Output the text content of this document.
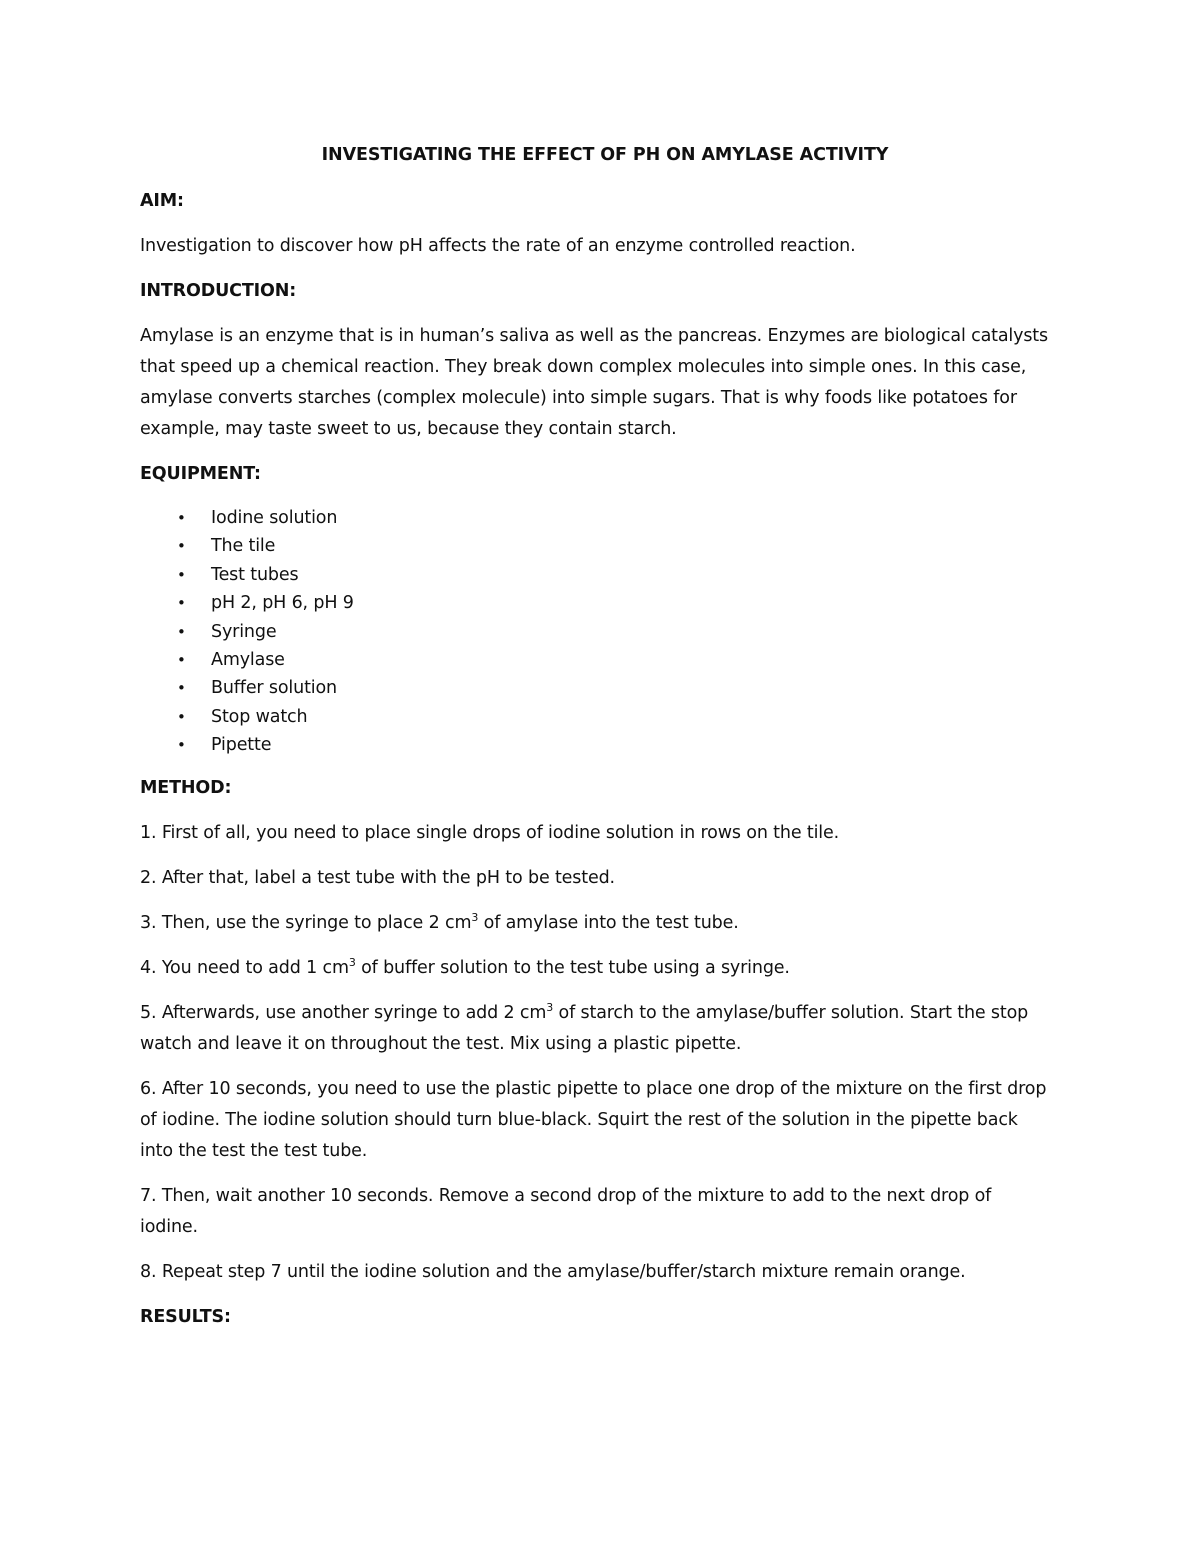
INVESTIGATING THE EFFECT OF PH ON AMYLASE ACTIVITY
AIM:
Investigation to discover how pH affects the rate of an enzyme controlled reaction.
INTRODUCTION:
Amylase is an enzyme that is in human’s saliva as well as the pancreas. Enzymes are biological catalysts
that speed up a chemical reaction. They break down complex molecules into simple ones. In this case,
amylase converts starches (complex molecule) into simple sugars. That is why foods like potatoes for
example, may taste sweet to us, because they contain starch.
EQUIPMENT:
• Iodine solution
• The tile
• Test tubes
• pH 2, pH 6, pH 9
• Syringe
• Amylase
• Buffer solution
• Stop watch
• Pipette
METHOD:
1. First of all, you need to place single drops of iodine solution in rows on the tile.
2. After that, label a test tube with the pH to be tested.
3. Then, use the syringe to place 2 $cm^3$ of amylase into the test tube.
4. You need to add 1 $cm^3$ of buffer solution to the test tube using a syringe.
5. Afterwards, use another syringe to add 2 $cm^3$ of starch to the amylase/buffer solution. Start the stop
watch and leave it on throughout the test. Mix using a plastic pipette.
6. After 10 seconds, you need to use the plastic pipette to place one drop of the mixture on the first drop
of iodine. The iodine solution should turn blue-black. Squirt the rest of the solution in the pipette back
into the test the test tube.
7. Then, wait another 10 seconds. Remove a second drop of the mixture to add to the next drop of
iodine.
8. Repeat step 7 until the iodine solution and the amylase/buffer/starch mixture remain orange.
RESULTS:
